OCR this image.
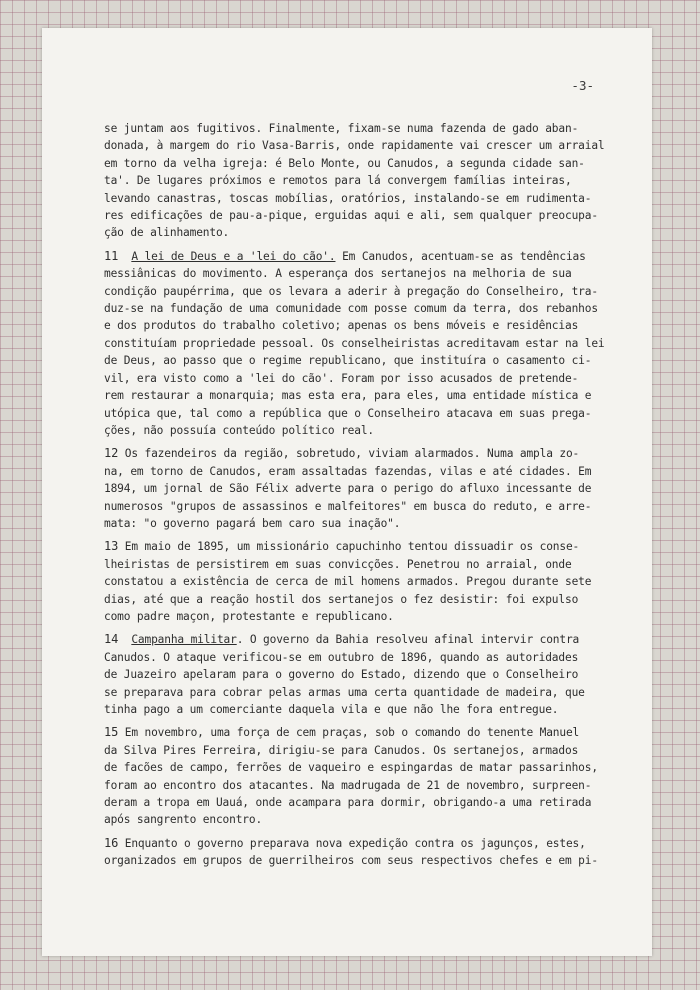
-3-
se juntam aos fugitivos. Finalmente, fixam-se numa fazenda de gado aban-
donada, à margem do rio Vasa-Barris, onde rapidamente vai crescer um arraial
em torno da velha igreja: é Belo Monte, ou Canudos, a segunda cidade san-
ta'. De lugares próximos e remotos para lá convergem famílias inteiras,
levando canastras, toscas mobílias, oratórios, instalando-se em rudimenta-
res edificações de pau-a-pique, erguidas aqui e ali, sem qualquer preocupa-
ção de alinhamento.
11 A lei de Deus e a 'lei do cão'. Em Canudos, acentuam-se as tendências
messiânicas do movimento. A esperança dos sertanejos na melhoria de sua
condição paupérrima, que os levara a aderir à pregação do Conselheiro, tra-
duz-se na fundação de uma comunidade com posse comum da terra, dos rebanhos
e dos produtos do trabalho coletivo; apenas os bens móveis e residências
constituíam propriedade pessoal. Os conselheiristas acreditavam estar na lei
de Deus, ao passo que o regime republicano, que instituíra o casamento ci-
vil, era visto como a 'lei do cão'. Foram por isso acusados de pretende-
rem restaurar a monarquia; mas esta era, para eles, uma entidade mística e
utópica que, tal como a república que o Conselheiro atacava em suas prega-
ções, não possuía conteúdo político real.
12 Os fazendeiros da região, sobretudo, viviam alarmados. Numa ampla zo-
na, em torno de Canudos, eram assaltadas fazendas, vilas e até cidades. Em
1894, um jornal de São Félix adverte para o perigo do afluxo incessante de
numerosos "grupos de assassinos e malfeitores" em busca do reduto, e arre-
mata: "o governo pagará bem caro sua inação".
13 Em maio de 1895, um missionário capuchinho tentou dissuadir os conse-
lheiristas de persistirem em suas convicções. Penetrou no arraial, onde
constatou a existência de cerca de mil homens armados. Pregou durante sete
dias, até que a reação hostil dos sertanejos o fez desistir: foi expulso
como padre maçon, protestante e republicano.
14 Campanha militar. O governo da Bahia resolveu afinal intervir contra
Canudos. O ataque verificou-se em outubro de 1896, quando as autoridades
de Juazeiro apelaram para o governo do Estado, dizendo que o Conselheiro
se preparava para cobrar pelas armas uma certa quantidade de madeira, que
tinha pago a um comerciante daquela vila e que não lhe fora entregue.
15 Em novembro, uma força de cem praças, sob o comando do tenente Manuel
da Silva Pires Ferreira, dirigiu-se para Canudos. Os sertanejos, armados
de facões de campo, ferrões de vaqueiro e espingardas de matar passarinhos,
foram ao encontro dos atacantes. Na madrugada de 21 de novembro, surpreen-
deram a tropa em Uauá, onde acampara para dormir, obrigando-a uma retirada
após sangrento encontro.
16 Enquanto o governo preparava nova expedição contra os jagunços, estes,
organizados em grupos de guerrilheiros com seus respectivos chefes e em pi-
